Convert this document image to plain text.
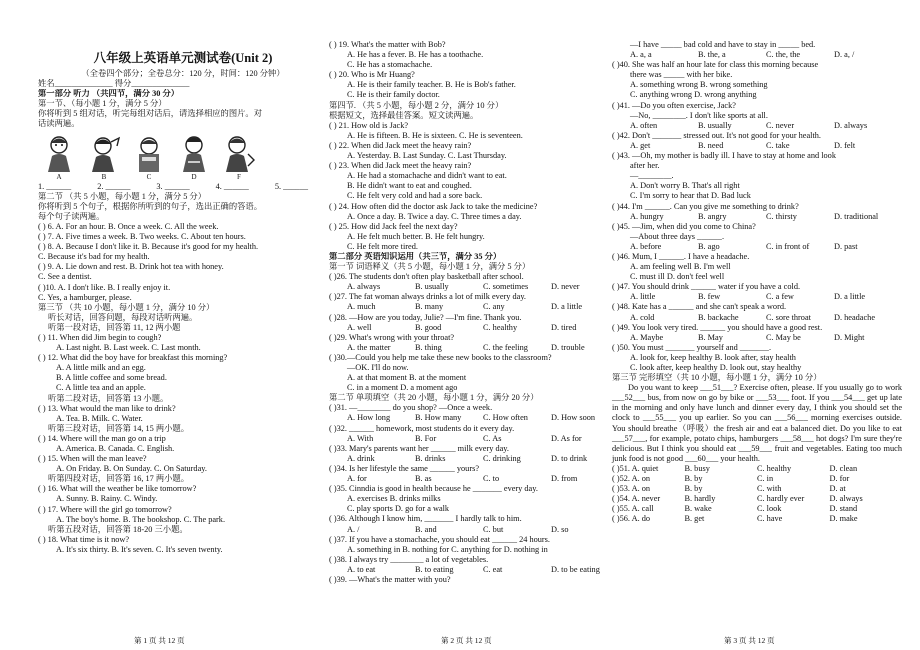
八年级上英语单元测试卷(Unit 2)
（全卷四个部分；全卷总分：120 分，时间：120 分钟）
姓名______________ 得分______________
第一部分 听力 （共四节，满分 30 分）
第一节、（每小题 1 分，满分 5 分）
你将听到 5 组对话，听完每组对话后，请选择相应的图片。对
话读两遍。
A	B	C	D	F
1. ______	2. ______	3. ______	4. ______	5. ______
第二节 （共 5 小题，每小题 1 分，满分 5 分）
你将听到 5 个句子，根据你所听到的句子，选出正确的答语。
每个句子读两遍。
( ) 6. A. For an hour. B. Once a week. C. All the week.
( ) 7. A. Five times a week. B. Two weeks. C. About ten hours.
( ) 8. A. Because I don't like it. B. Because it's good for my health.
C. Because it's bad for my health.
( ) 9. A. Lie down and rest. B. Drink hot tea with honey.
C. See a dentist.
( )10. A. I don't like. B. I really enjoy it.
C. Yes, a hamburger, please.
第三节 （共 10 小题，每小题 1 分，满分 10 分）
听长对话，回答问题，每段对话听两遍。
听第一段对话，回答第 11, 12 两小题
( ) 11. When did Jim begin to cough?
A. Last night. B. Last week. C. Last month.
( ) 12. What did the boy have for breakfast this morning?
A. A little milk and an egg.
B. A little coffee and some bread.
C. A little tea and an apple.
听第二段对话，回答第 13 小题。
( ) 13. What would the man like to drink?
A. Tea. B. Milk. C. Water.
听第三段对话，回答第 14, 15 两小题。
( ) 14. Where will the man go on a trip
A. America. B. Canada. C. English.
( ) 15. When will the man leave?
A. On Friday. B. On Sunday. C. On Saturday.
听第四段对话，回答第 16, 17 两小题。
( ) 16. What will the weather be like tomorrow?
A. Sunny. B. Rainy. C. Windy.
( ) 17. Where will the girl go tomorrow?
A. The boy's home. B. The bookshop. C. The park.
听第五段对话，回答第 18-20 三小题。
( ) 18. What time is it now?
A. It's six thirty. B. It's seven. C. It's seven twenty.
( ) 19. What's the matter with Bob?
A. He has a fever. B. He has a toothache.
C. He has a stomachache.
( ) 20. Who is Mr Huang?
A. He is their family teacher. B. He is Bob's father.
C. He is their family doctor.
第四节. （共 5 小题，每小题 2 分，满分 10 分）
根据短文，选择最佳答案。短文读两遍。
( ) 21. How old is Jack?
A. He is fifteen. B. He is sixteen. C. He is seventeen.
( ) 22. When did Jack meet the heavy rain?
A. Yesterday. B. Last Sunday. C. Last Thursday.
( ) 23. When did Jack meet the heavy rain?
A. He had a stomachache and didn't want to eat.
B. He didn't want to eat and coughed.
C. He felt very cold and had a sore back.
( ) 24. How often did the doctor ask Jack to take the medicine?
A. Once a day. B. Twice a day. C. Three times a day.
( ) 25. How did Jack feel the next day?
A. He felt much better. B. He felt hungry.
C. He felt more tired.
第二部分 英语知识运用（共三节，满分 35 分）
第一节 词语释义（共 5 小题，每小题 1 分，满分 5 分）
( )26. The students don't often play basketball after school.
A. always	B. usually	C. sometimes	D. never
( )27. The fat woman always drinks a lot of milk every day.
A. much	B. many	C. any	D. a little
( )28. —How are you today, Julie? —I'm fine. Thank you.
A. well	B. good	C. healthy	D. tired
( )29. What's wrong with your throat?
A. the matter	B. thing	C. the feeling	D. trouble
( )30.—Could you help me take these new books to the classroom?
—OK. I'll do now.
A. at that moment B. at the moment
C. in a moment D. a moment ago
第二节 单项填空（共 20 小题，每小题 1 分，满分 20 分）
( )31. —________ do you shop? —Once a week.
A. How long	B. How many	C. How often	D. How soon
( )32. ______ homework, most students do it every day.
A. With	B. For	C. As	D. As for
( )33. Mary's parents want her ______ milk every day.
A. drink	B. drinks	C. drinking	D. to drink
( )34. Is her lifestyle the same ______ yours?
A. for	B. as	C. to	D. from
( )35. Cinndia is good in health because he _______ every day.
A. exercises B. drinks milks
C. play sports D. go for a walk
( )36. Although I know him, _______ I hardly talk to him.
A. /	B. and	C. but	D. so
( )37. If you have a stomachache, you should eat ______ 24 hours.
A. something in B. nothing for C. anything for D. nothing in
( )38. I always try ________ a lot of vegetables.
A. to eat	B. to eating	C. eat	D. to be eating
( )39. —What's the matter with you?
—I have _____ bad cold and have to stay in _____ bed.
A. a, a	B. the, a	C. the, the	D. a, /
( )40. She was half an hour late for class this morning because
there was _____ with her bike.
A. something wrong B. wrong something
C. anything wrong D. wrong anything
( )41. —Do you often exercise, Jack?
—No, ________. I don't like sports at all.
A. often	B. usually	C. never	D. always
( )42. Don't _______ stressed out. It's not good for your health.
A. get	B. need	C. take	D. felt
( )43. —Oh, my mother is badly ill. I have to stay at home and look
after her.
—________.
A. Don't worry B. That's all right
C. I'm sorry to hear that D. Bad luck
( )44. I'm ______. Can you give me something to drink?
A. hungry	B. angry	C. thirsty	D. traditional
( )45. —Jim, when did you come to China?
—About three days ______.
A. before	B. ago	C. in front of	D. past
( )46. Mum, I ______. I have a headache.
A. am feeling well B. I'm well
C. must ill D. don't feel well
( )47. You should drink ______ water if you have a cold.
A. little	B. few	C. a few	D. a little
( )48. Kate has a ______ and she can't speak a word.
A. cold	B. backache	C. sore throat	D. headache
( )49. You look very tired. ______ you should have a good rest.
A. Maybe	B. May	C. May be	D. Might
( )50. You must _______ yourself and _______.
A. look for, keep healthy B. look after, stay health
C. look after, keep healthy D. look out, stay healthy
第三节 完形填空（共 10 小题，每小题 1 分，满分 10 分）
Do you want to keep ___51___? Exercise often, please. If you usually go to work ___52___ bus, from now on go by bike or ___53___ foot. If you ___54___ get up late in the morning and only have lunch and dinner every day, I think you should set the clock to ___55___ you up earlier. So you can ___56___ morning exercises outside. You should breathe（呼吸）the fresh air and eat a balanced diet. Do you like to eat ___57___, for example, potato chips, hamburgers ___58___ hot dogs? I'm sure they're delicious. But I think you should eat ___59___ fruit and vegetables. Eating too much junk food is not good ___60___ your health.
( )51. A. quiet	B. busy	C. healthy	D. clean
( )52. A. on	B. by	C. in	D. for
( )53. A. on	B. by	C. with	D. at
( )54. A. never	B. hardly	C. hardly ever	D. always
( )55. A. call	B. wake	C. look	D. stand
( )56. A. do	B. get	C. have	D. make
第 1 页 共 12 页	第 2 页 共 12 页	第 3 页 共 12 页
